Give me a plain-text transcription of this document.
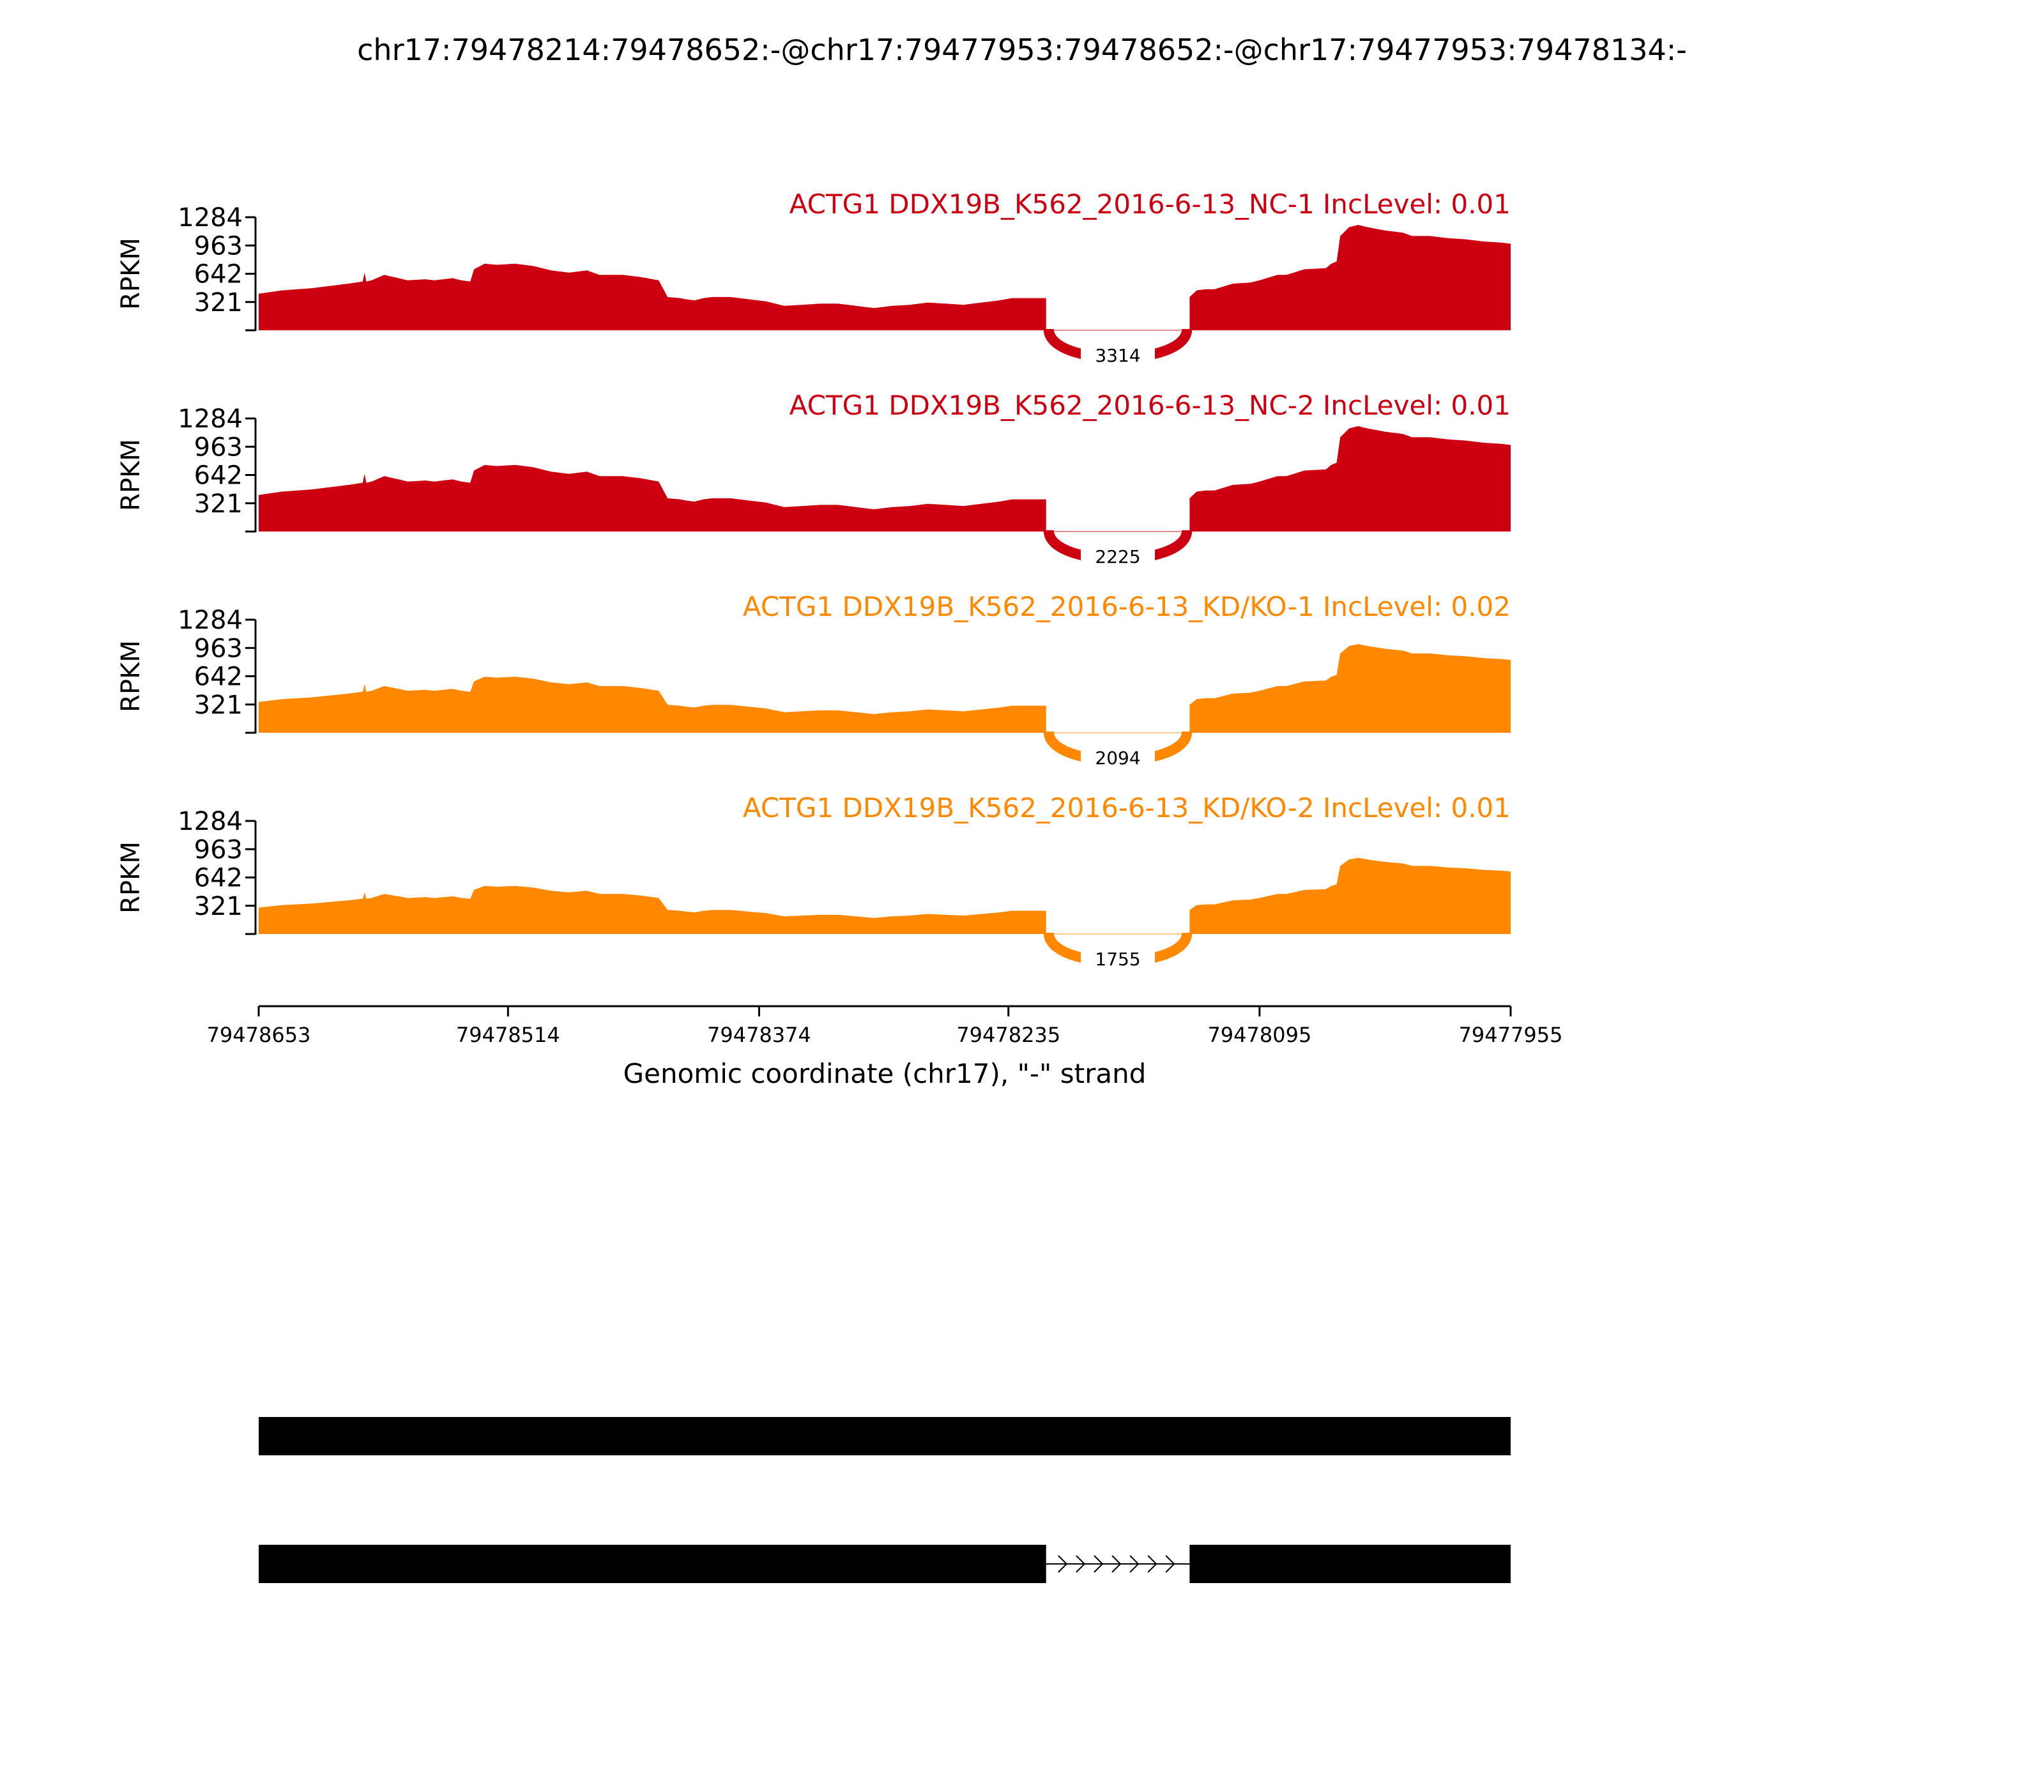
chr17:79478214:79478652:-@chr17:79477953:79478652:-@chr17:79477953:79478134:-
3314
ACTG1 DDX19B_K562_2016-6-13_NC-1 IncLevel: 0.01
321
642
963
1284
RPKM
2225
ACTG1 DDX19B_K562_2016-6-13_NC-2 IncLevel: 0.01
321
642
963
1284
RPKM
2094
ACTG1 DDX19B_K562_2016-6-13_KD/KO-1 IncLevel: 0.02
321
642
963
1284
RPKM
1755
ACTG1 DDX19B_K562_2016-6-13_KD/KO-2 IncLevel: 0.01
321
642
963
1284
RPKM
79478653	79478514	79478374	79478235	79478095	79477955
Genomic coordinate (chr17), "-" strand
